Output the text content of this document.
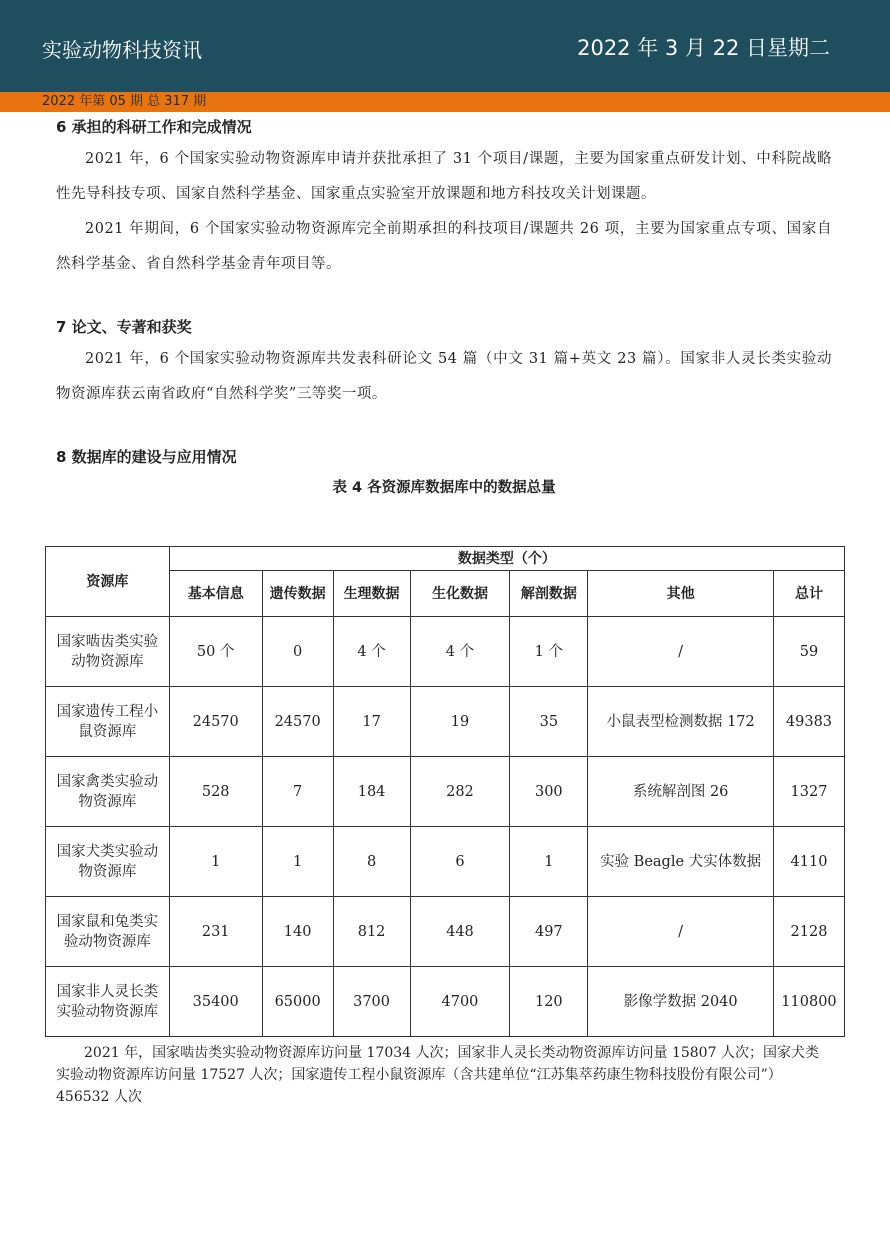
实验动物科技资讯	2022 年 3 月 22 日星期二
2022 年第 05 期 总 317 期
6 承担的科研工作和完成情况

2021 年，6 个国家实验动物资源库申请并获批承担了 31 个项目/课题，主要为国家重点研发计划、中科院战略性先导科技专项、国家自然科学基金、国家重点实验室开放课题和地方科技攻关计划课题。

2021 年期间，6 个国家实验动物资源库完全前期承担的科技项目/课题共 26 项，主要为国家重点专项、国家自然科学基金、省自然科学基金青年项目等。

7 论文、专著和获奖

2021 年，6 个国家实验动物资源库共发表科研论文 54 篇（中文 31 篇+英文 23 篇）。国家非人灵长类实验动物资源库获云南省政府“自然科学奖”三等奖一项。

8 数据库的建设与应用情况
表 4 各资源库数据库中的数据总量
资源库	数据类型（个）						
	基本信息	遗传数据	生理数据	生化数据	解剖数据	其他	总计
国家啮齿类实验动物资源库	50 个	0	4 个	4 个	1 个	/	59
国家遗传工程小鼠资源库	24570	24570	17	19	35	小鼠表型检测数据 172	49383
国家禽类实验动物资源库	528	7	184	282	300	系统解剖图 26	1327
国家犬类实验动物资源库	1	1	8	6	1	实验 Beagle 犬实体数据	4110
国家鼠和兔类实验动物资源库	231	140	812	448	497	/	2128
国家非人灵长类实验动物资源库	35400	65000	3700	4700	120	影像学数据 2040	110800
2021 年，国家啮齿类实验动物资源库访问量 17034 人次；国家非人灵长类动物资源库访问量 15807 人次；国家犬类实验动物资源库访问量 17527 人次；国家遗传工程小鼠资源库（含共建单位“江苏集萃药康生物科技股份有限公司”）456532 人次
